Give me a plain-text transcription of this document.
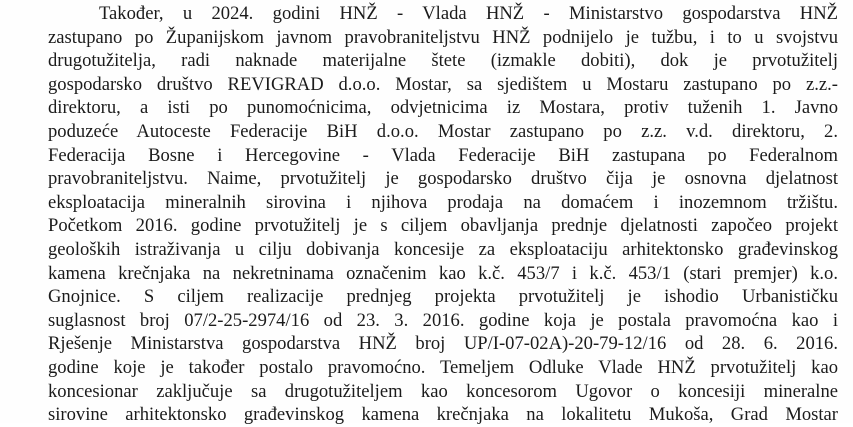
Također, u 2024. godini HNŽ - Vlada HNŽ - Ministarstvo gospodarstva HNŽ
zastupano po Županijskom javnom pravobraniteljstvu HNŽ podnijelo je tužbu, i to u svojstvu
drugotužitelja, radi naknade materijalne štete (izmakle dobiti), dok je prvotužitelj
gospodarsko društvo REVIGRAD d.o.o. Mostar, sa sjedištem u Mostaru zastupano po z.z.-
direktoru, a isti po punomoćnicima, odvjetnicima iz Mostara, protiv tuženih 1. Javno
poduzeće Autoceste Federacije BiH d.o.o. Mostar zastupano po z.z. v.d. direktoru, 2.
Federacija Bosne i Hercegovine - Vlada Federacije BiH zastupana po Federalnom
pravobraniteljstvu. Naime, prvotužitelj je gospodarsko društvo čija je osnovna djelatnost
eksploatacija mineralnih sirovina i njihova prodaja na domaćem i inozemnom tržištu.
Početkom 2016. godine prvotužitelj je s ciljem obavljanja prednje djelatnosti započeo projekt
geoloških istraživanja u cilju dobivanja koncesije za eksploataciju arhitektonsko građevinskog
kamena krečnjaka na nekretninama označenim kao k.č. 453/7 i k.č. 453/1 (stari premjer) k.o.
Gnojnice. S ciljem realizacije prednjeg projekta prvotužitelj je ishodio Urbanističku
suglasnost broj 07/2-25-2974/16 od 23. 3. 2016. godine koja je postala pravomoćna kao i
Rješenje Ministarstva gospodarstva HNŽ broj UP/I-07-02A)-20-79-12/16 od 28. 6. 2016.
godine koje je također postalo pravomoćno. Temeljem Odluke Vlade HNŽ prvotužitelj kao
koncesionar zaključuje sa drugotužiteljem kao koncesorom Ugovor o koncesiji mineralne
sirovine arhitektonsko građevinskog kamena krečnjaka na lokalitetu Mukoša, Grad Mostar
